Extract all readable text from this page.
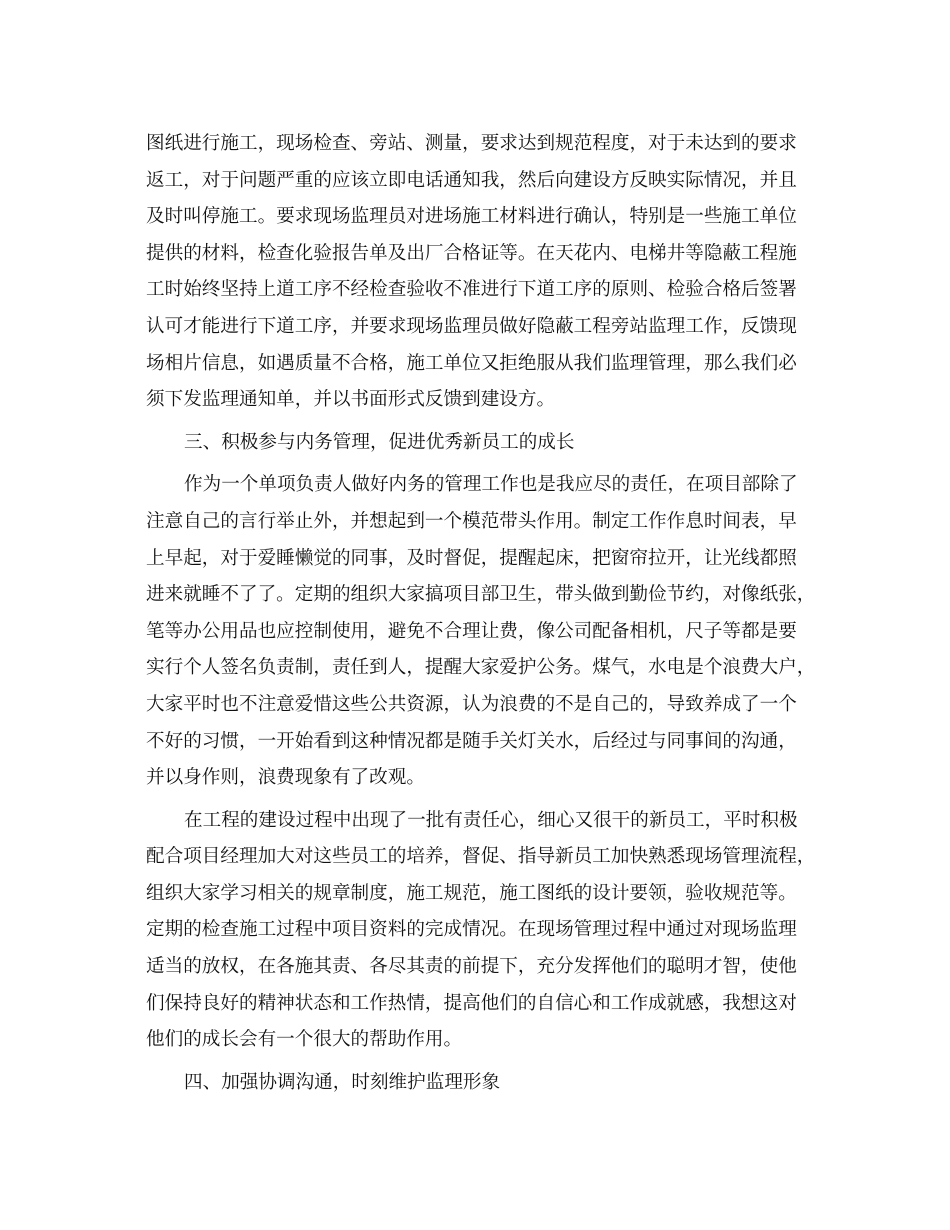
图纸进行施工，现场检查、旁站、测量，要求达到规范程度，对于未达到的要求
返工，对于问题严重的应该立即电话通知我，然后向建设方反映实际情况，并且
及时叫停施工。要求现场监理员对进场施工材料进行确认，特别是一些施工单位
提供的材料，检查化验报告单及出厂合格证等。在天花内、电梯井等隐蔽工程施
工时始终坚持上道工序不经检查验收不准进行下道工序的原则、检验合格后签署
认可才能进行下道工序，并要求现场监理员做好隐蔽工程旁站监理工作，反馈现
场相片信息，如遇质量不合格，施工单位又拒绝服从我们监理管理，那么我们必
须下发监理通知单，并以书面形式反馈到建设方。
三、积极参与内务管理，促进优秀新员工的成长
作为一个单项负责人做好内务的管理工作也是我应尽的责任，在项目部除了
注意自己的言行举止外，并想起到一个模范带头作用。制定工作作息时间表，早
上早起，对于爱睡懒觉的同事，及时督促，提醒起床，把窗帘拉开，让光线都照
进来就睡不了了。定期的组织大家搞项目部卫生，带头做到勤俭节约，对像纸张，
笔等办公用品也应控制使用，避免不合理让费，像公司配备相机，尺子等都是要
实行个人签名负责制，责任到人，提醒大家爱护公务。煤气，水电是个浪费大户，
大家平时也不注意爱惜这些公共资源，认为浪费的不是自己的，导致养成了一个
不好的习惯，一开始看到这种情况都是随手关灯关水，后经过与同事间的沟通，
并以身作则，浪费现象有了改观。
在工程的建设过程中出现了一批有责任心，细心又很干的新员工，平时积极
配合项目经理加大对这些员工的培养，督促、指导新员工加快熟悉现场管理流程，
组织大家学习相关的规章制度，施工规范，施工图纸的设计要领，验收规范等。
定期的检查施工过程中项目资料的完成情况。在现场管理过程中通过对现场监理
适当的放权，在各施其责、各尽其责的前提下，充分发挥他们的聪明才智，使他
们保持良好的精神状态和工作热情，提高他们的自信心和工作成就感，我想这对
他们的成长会有一个很大的帮助作用。
四、加强协调沟通，时刻维护监理形象
